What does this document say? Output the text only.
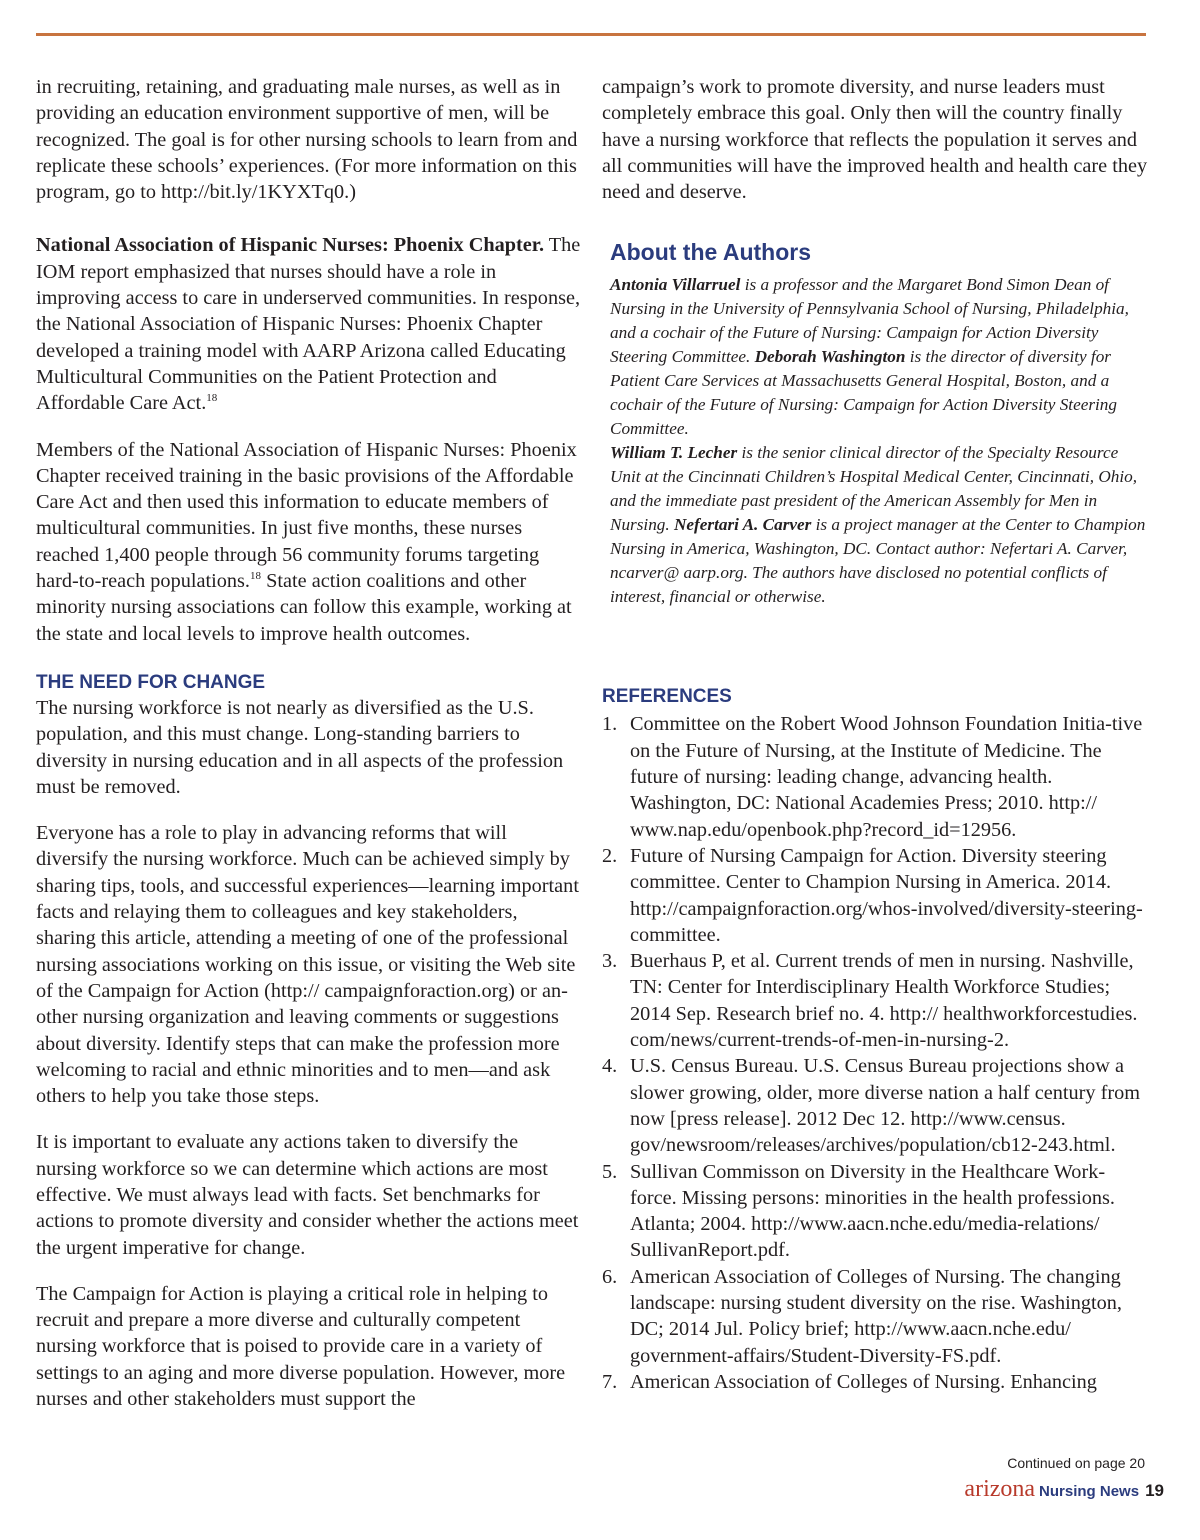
in recruiting, retaining, and graduating male nurses, as well as in providing an education environment supportive of men, will be recognized. The goal is for other nursing schools to learn from and replicate these schools’ experiences. (For more information on this program, go to http://bit.ly/1KYXTq0.)

National Association of Hispanic Nurses: Phoenix Chapter. The IOM report emphasized that nurses should have a role in improving access to care in underserved communities. In response, the National Association of Hispanic Nurses: Phoenix Chapter developed a training model with AARP Arizona called Educating Multicultural Communities on the Patient Protection and Affordable Care Act.$^{18}$

Members of the National Association of Hispanic Nurses: Phoenix Chapter received training in the basic provisions of the Affordable Care Act and then used this information to educate members of multicultural communities. In just five months, these nurses reached 1,400 people through 56 community forums targeting hard-to-reach populations.$^{18}$ State action coalitions and other minority nursing associations can follow this example, working at the state and local levels to improve health outcomes.

THE NEED FOR CHANGE

The nursing workforce is not nearly as diversified as the U.S. population, and this must change. Long-standing barriers to diversity in nursing education and in all aspects of the profession must be removed.

Everyone has a role to play in advancing reforms that will diversify the nursing workforce. Much can be achieved simply by sharing tips, tools, and successful experiences—learning important facts and relaying them to colleagues and key stakeholders, sharing this article, attending a meeting of one of the professional nursing associations working on this issue, or visiting the Web site of the Campaign for Action (http:// campaignforaction.org) or an-other nursing organization and leaving comments or suggestions about diversity. Identify steps that can make the profession more welcoming to racial and ethnic minorities and to men—and ask others to help you take those steps.

It is important to evaluate any actions taken to diversify the nursing workforce so we can determine which actions are most effective. We must always lead with facts. Set benchmarks for actions to promote diversity and consider whether the actions meet the urgent imperative for change.

The Campaign for Action is playing a critical role in helping to recruit and prepare a more diverse and culturally competent nursing workforce that is poised to provide care in a variety of settings to an aging and more diverse population. However, more nurses and other stakeholders must support the

campaign’s work to promote diversity, and nurse leaders must completely embrace this goal. Only then will the country finally have a nursing workforce that reflects the population it serves and all communities will have the improved health and health care they need and deserve.

About the Authors

Antonia Villarruel is a professor and the Margaret Bond Simon Dean of Nursing in the University of Pennsylvania School of Nursing, Philadelphia, and a cochair of the Future of Nursing: Campaign for Action Diversity Steering Committee. Deborah Washington is the director of diversity for Patient Care Services at Massachusetts General Hospital, Boston, and a cochair of the Future of Nursing: Campaign for Action Diversity Steering Committee.
William T. Lecher is the senior clinical director of the Specialty Resource Unit at the Cincinnati Children’s Hospital Medical Center, Cincinnati, Ohio, and the immediate past president of the American Assembly for Men in Nursing. Nefertari A. Carver is a project manager at the Center to Champion Nursing in America, Washington, DC. Contact author: Nefertari A. Carver, ncarver@ aarp.org. The authors have disclosed no potential conflicts of interest, financial or otherwise.

REFERENCES
1. Committee on the Robert Wood Johnson Foundation Initia-tive on the Future of Nursing, at the Institute of Medicine. The future of nursing: leading change, advancing health. Washington, DC: National Academies Press; 2010. http:// www.nap.edu/openbook.php?record_id=12956.
2. Future of Nursing Campaign for Action. Diversity steering committee. Center to Champion Nursing in America. 2014. http://campaignforaction.org/whos-involved/diversity-steering-committee.
3. Buerhaus P, et al. Current trends of men in nursing. Nashville, TN: Center for Interdisciplinary Health Workforce Studies; 2014 Sep. Research brief no. 4. http:// healthworkforcestudies. com/news/current-trends-of-men-in-nursing-2.
4. U.S. Census Bureau. U.S. Census Bureau projections show a slower growing, older, more diverse nation a half century from now [press release]. 2012 Dec 12. http://www.census. gov/newsroom/releases/archives/population/cb12-243.html.
5. Sullivan Commisson on Diversity in the Healthcare Work-force. Missing persons: minorities in the health professions. Atlanta; 2004. http://www.aacn.nche.edu/media-relations/ SullivanReport.pdf.
6. American Association of Colleges of Nursing. The changing landscape: nursing student diversity on the rise. Washington, DC; 2014 Jul. Policy brief; http://www.aacn.nche.edu/ government-affairs/Student-Diversity-FS.pdf.
7. American Association of Colleges of Nursing. Enhancing
Continued on page 20
arizona Nursing News 19
